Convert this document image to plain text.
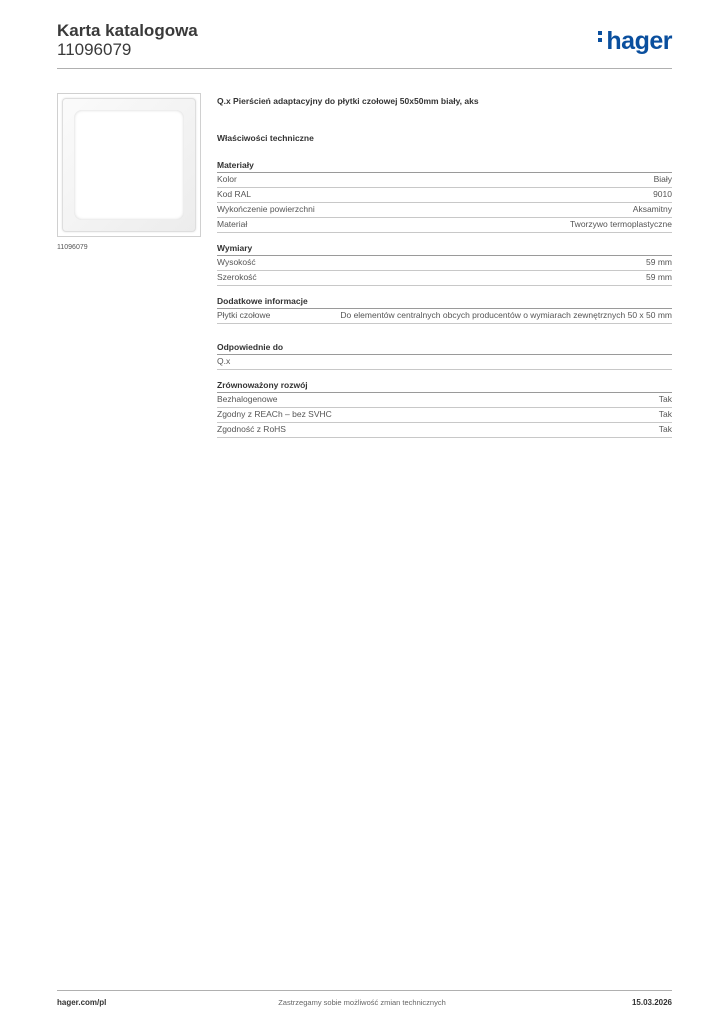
Karta katalogowa
11096079	hager
11096079
Q.x Pierścień adaptacyjny do płytki czołowej 50x50mm biały, aks
Właściwości techniczne
Materiały
Kolor	Biały
Kod RAL	9010
Wykończenie powierzchni	Aksamitny
Materiał	Tworzywo termoplastyczne
Wymiary
Wysokość	59 mm
Szerokość	59 mm
Dodatkowe informacje
Płytki czołowe	Do elementów centralnych obcych producentów o wymiarach zewnętrznych 50 x 50 mm
Odpowiednie do
Q.x
Zrównoważony rozwój
Bezhalogenowe	Tak
Zgodny z REACh – bez SVHC	Tak
Zgodność z RoHS	Tak
hager.com/pl	Zastrzegamy sobie możliwość zmian technicznych	15.03.2026
